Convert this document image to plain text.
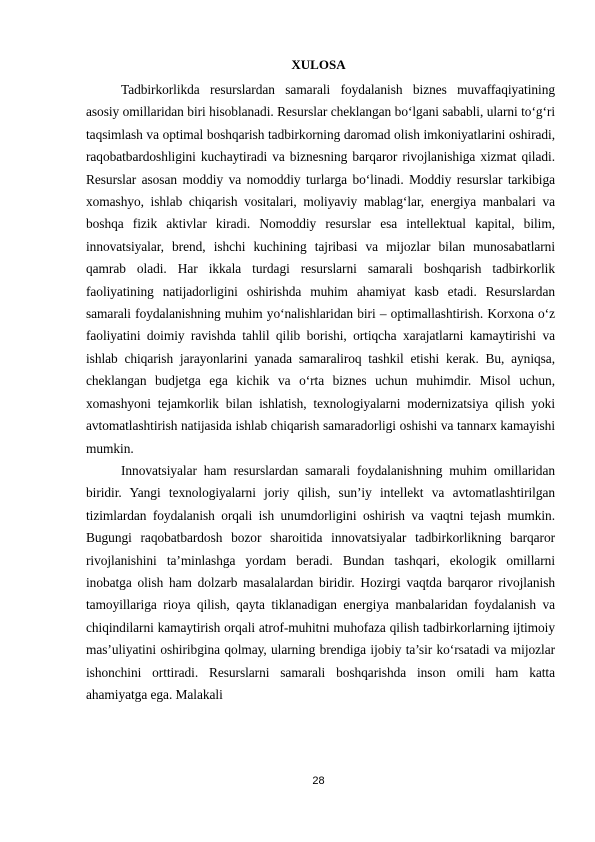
XULOSA

Tadbirkorlikda resurslardan samarali foydalanish biznes muvaffaqiyatining asosiy omillaridan biri hisoblanadi. Resurslar cheklangan bo‘lgani sababli, ularni to‘g‘ri taqsimlash va optimal boshqarish tadbirkorning daromad olish imkoniyatlarini oshiradi, raqobatbardoshligini kuchaytiradi va biznesning barqaror rivojlanishiga xizmat qiladi. Resurslar asosan moddiy va nomoddiy turlarga bo‘linadi. Moddiy resurslar tarkibiga xomashyo, ishlab chiqarish vositalari, moliyaviy mablag‘lar, energiya manbalari va boshqa fizik aktivlar kiradi. Nomoddiy resurslar esa intellektual kapital, bilim, innovatsiyalar, brend, ishchi kuchining tajribasi va mijozlar bilan munosabatlarni qamrab oladi. Har ikkala turdagi resurslarni samarali boshqarish tadbirkorlik faoliyatining natijadorligini oshirishda muhim ahamiyat kasb etadi. Resurslardan samarali foydalanishning muhim yo‘nalishlaridan biri – optimallashtirish. Korxona o‘z faoliyatini doimiy ravishda tahlil qilib borishi, ortiqcha xarajatlarni kamaytirishi va ishlab chiqarish jarayonlarini yanada samaraliroq tashkil etishi kerak. Bu, ayniqsa, cheklangan budjetga ega kichik va o‘rta biznes uchun muhimdir. Misol uchun, xomashyoni tejamkorlik bilan ishlatish, texnologiyalarni modernizatsiya qilish yoki avtomatlashtirish natijasida ishlab chiqarish samaradorligi oshishi va tannarx kamayishi mumkin.

Innovatsiyalar ham resurslardan samarali foydalanishning muhim omillaridan biridir. Yangi texnologiyalarni joriy qilish, sun’iy intellekt va avtomatlashtirilgan tizimlardan foydalanish orqali ish unumdorligini oshirish va vaqtni tejash mumkin. Bugungi raqobatbardosh bozor sharoitida innovatsiyalar tadbirkorlikning barqaror rivojlanishini ta’minlashga yordam beradi. Bundan tashqari, ekologik omillarni inobatga olish ham dolzarb masalalardan biridir. Hozirgi vaqtda barqaror rivojlanish tamoyillariga rioya qilish, qayta tiklanadigan energiya manbalaridan foydalanish va chiqindilarni kamaytirish orqali atrof-muhitni muhofaza qilish tadbirkorlarning ijtimoiy mas’uliyatini oshiribgina qolmay, ularning brendiga ijobiy ta’sir ko‘rsatadi va mijozlar ishonchini orttiradi. Resurslarni samarali boshqarishda inson omili ham katta ahamiyatga ega. Malakali

28
